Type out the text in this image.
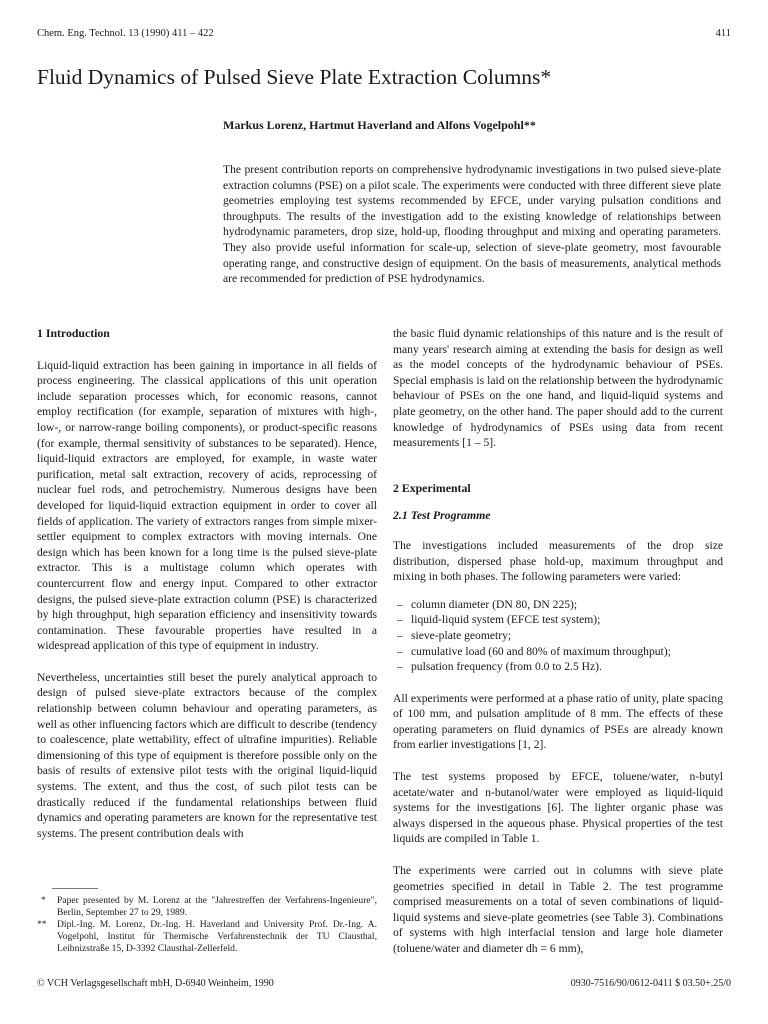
Chem. Eng. Technol. 13 (1990) 411 – 422	411
Fluid Dynamics of Pulsed Sieve Plate Extraction Columns*
Markus Lorenz, Hartmut Haverland and Alfons Vogelpohl**

The present contribution reports on comprehensive hydrodynamic investigations in two pulsed sieve-plate extraction columns (PSE) on a pilot scale. The experiments were conducted with three different sieve plate geometries employing test systems recommended by EFCE, under varying pulsation conditions and throughputs. The results of the investigation add to the existing knowledge of relationships between hydrodynamic parameters, drop size, hold-up, flooding throughput and mixing and operating parameters. They also provide useful information for scale-up, selection of sieve-plate geometry, most favourable operating range, and constructive design of equipment. On the basis of measurements, analytical methods are recommended for prediction of PSE hydrodynamics.

1 Introduction

Liquid-liquid extraction has been gaining in importance in all fields of process engineering. The classical applications of this unit operation include separation processes which, for economic reasons, cannot employ rectification (for example, separation of mixtures with high-, low-, or narrow-range boiling components), or product-specific reasons (for example, thermal sensitivity of substances to be separated). Hence, liquid-liquid extractors are employed, for example, in waste water purification, metal salt extraction, recovery of acids, reprocessing of nuclear fuel rods, and petrochemistry. Numerous designs have been developed for liquid-liquid extraction equipment in order to cover all fields of application. The variety of extractors ranges from simple mixer-settler equipment to complex extractors with moving internals. One design which has been known for a long time is the pulsed sieve-plate extractor. This is a multistage column which operates with countercurrent flow and energy input. Compared to other extractor designs, the pulsed sieve-plate extraction column (PSE) is characterized by high throughput, high separation efficiency and insensitivity towards contamination. These favourable properties have resulted in a widespread application of this type of equipment in industry.

Nevertheless, uncertainties still beset the purely analytical approach to design of pulsed sieve-plate extractors because of the complex relationship between column behaviour and operating parameters, as well as other influencing factors which are difficult to describe (tendency to coalescence, plate wettability, effect of ultrafine impurities). Reliable dimensioning of this type of equipment is therefore possible only on the basis of results of extensive pilot tests with the original liquid-liquid systems. The extent, and thus the cost, of such pilot tests can be drastically reduced if the fundamental relationships between fluid dynamics and operating parameters are known for the representative test systems. The present contribution deals with

the basic fluid dynamic relationships of this nature and is the result of many years' research aiming at extending the basis for design as well as the model concepts of the hydrodynamic behaviour of PSEs. Special emphasis is laid on the relationship between the hydrodynamic behaviour of PSEs on the one hand, and liquid-liquid systems and plate geometry, on the other hand. The paper should add to the current knowledge of hydrodynamics of PSEs using data from recent measurements [1 – 5].

2 Experimental
2.1 Test Programme

The investigations included measurements of the drop size distribution, dispersed phase hold-up, maximum throughput and mixing in both phases. The following parameters were varied:

– column diameter (DN 80, DN 225);
– liquid-liquid system (EFCE test system);
– sieve-plate geometry;
– cumulative load (60 and 80% of maximum throughput);
– pulsation frequency (from 0.0 to 2.5 Hz).

All experiments were performed at a phase ratio of unity, plate spacing of 100 mm, and pulsation amplitude of 8 mm. The effects of these operating parameters on fluid dynamics of PSEs are already known from earlier investigations [1, 2].

The test systems proposed by EFCE, toluene/water, n-butyl acetate/water and n-butanol/water were employed as liquid-liquid systems for the investigations [6]. The lighter organic phase was always dispersed in the aqueous phase. Physical properties of the test liquids are compiled in Table 1.

The experiments were carried out in columns with sieve plate geometries specified in detail in Table 2. The test programme comprised measurements on a total of seven combinations of liquid-liquid systems and sieve-plate geometries (see Table 3). Combinations of systems with high interfacial tension and large hole diameter (toluene/water and diameter dh = 6 mm),

* Paper presented by M. Lorenz at the "Jahrestreffen der Verfahrens-Ingenieure", Berlin, September 27 to 29, 1989.

** Dipl.-Ing. M. Lorenz, Dr.-Ing. H. Haverland and University Prof. Dr.-Ing. A. Vogelpohl, Institut für Thermische Verfahrenstechnik der TU Clausthal, Leibnizstraße 15, D-3392 Clausthal-Zellerfeld.

© VCH Verlagsgesellschaft mbH, D-6940 Weinheim, 1990	0930-7516/90/0612-0411 $ 03.50+.25/0
